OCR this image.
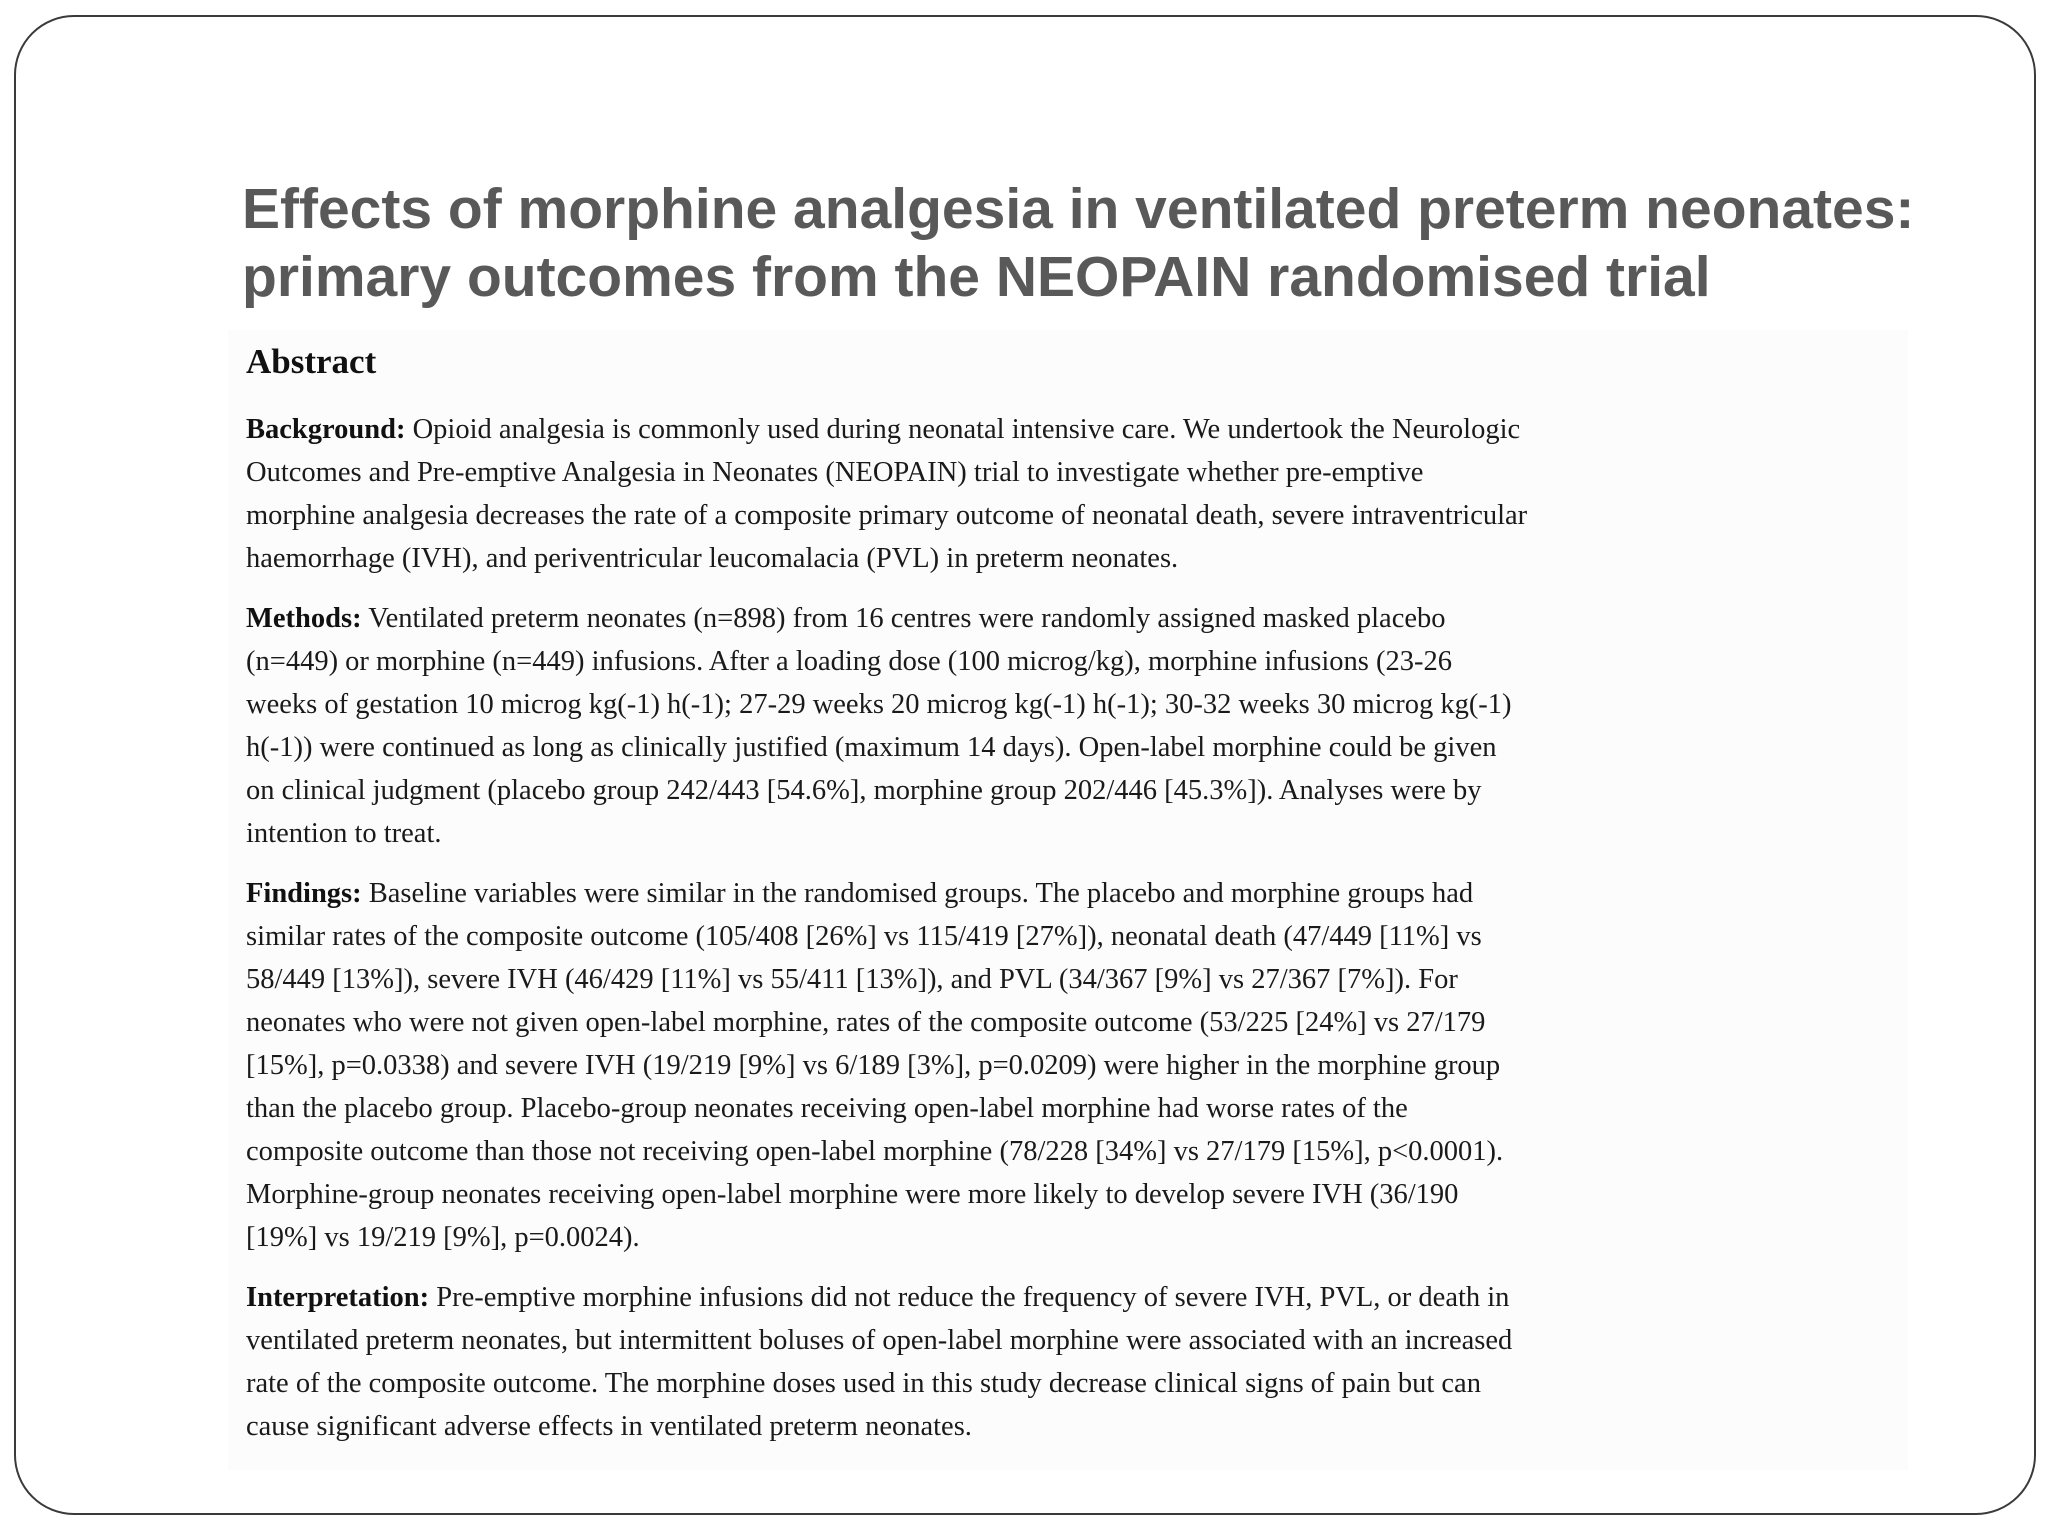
Effects of morphine analgesia in ventilated preterm neonates:
primary outcomes from the NEOPAIN randomised trial
Abstract

Background: Opioid analgesia is commonly used during neonatal intensive care. We undertook the Neurologic
Outcomes and Pre-emptive Analgesia in Neonates (NEOPAIN) trial to investigate whether pre-emptive
morphine analgesia decreases the rate of a composite primary outcome of neonatal death, severe intraventricular
haemorrhage (IVH), and periventricular leucomalacia (PVL) in preterm neonates.

Methods: Ventilated preterm neonates (n=898) from 16 centres were randomly assigned masked placebo
(n=449) or morphine (n=449) infusions. After a loading dose (100 microg/kg), morphine infusions (23-26
weeks of gestation 10 microg kg(-1) h(-1); 27-29 weeks 20 microg kg(-1) h(-1); 30-32 weeks 30 microg kg(-1)
h(-1)) were continued as long as clinically justified (maximum 14 days). Open-label morphine could be given
on clinical judgment (placebo group 242/443 [54.6%], morphine group 202/446 [45.3%]). Analyses were by
intention to treat.

Findings: Baseline variables were similar in the randomised groups. The placebo and morphine groups had
similar rates of the composite outcome (105/408 [26%] vs 115/419 [27%]), neonatal death (47/449 [11%] vs
58/449 [13%]), severe IVH (46/429 [11%] vs 55/411 [13%]), and PVL (34/367 [9%] vs 27/367 [7%]). For
neonates who were not given open-label morphine, rates of the composite outcome (53/225 [24%] vs 27/179
[15%], p=0.0338) and severe IVH (19/219 [9%] vs 6/189 [3%], p=0.0209) were higher in the morphine group
than the placebo group. Placebo-group neonates receiving open-label morphine had worse rates of the
composite outcome than those not receiving open-label morphine (78/228 [34%] vs 27/179 [15%], p<0.0001).
Morphine-group neonates receiving open-label morphine were more likely to develop severe IVH (36/190
[19%] vs 19/219 [9%], p=0.0024).

Interpretation: Pre-emptive morphine infusions did not reduce the frequency of severe IVH, PVL, or death in
ventilated preterm neonates, but intermittent boluses of open-label morphine were associated with an increased
rate of the composite outcome. The morphine doses used in this study decrease clinical signs of pain but can
cause significant adverse effects in ventilated preterm neonates.
